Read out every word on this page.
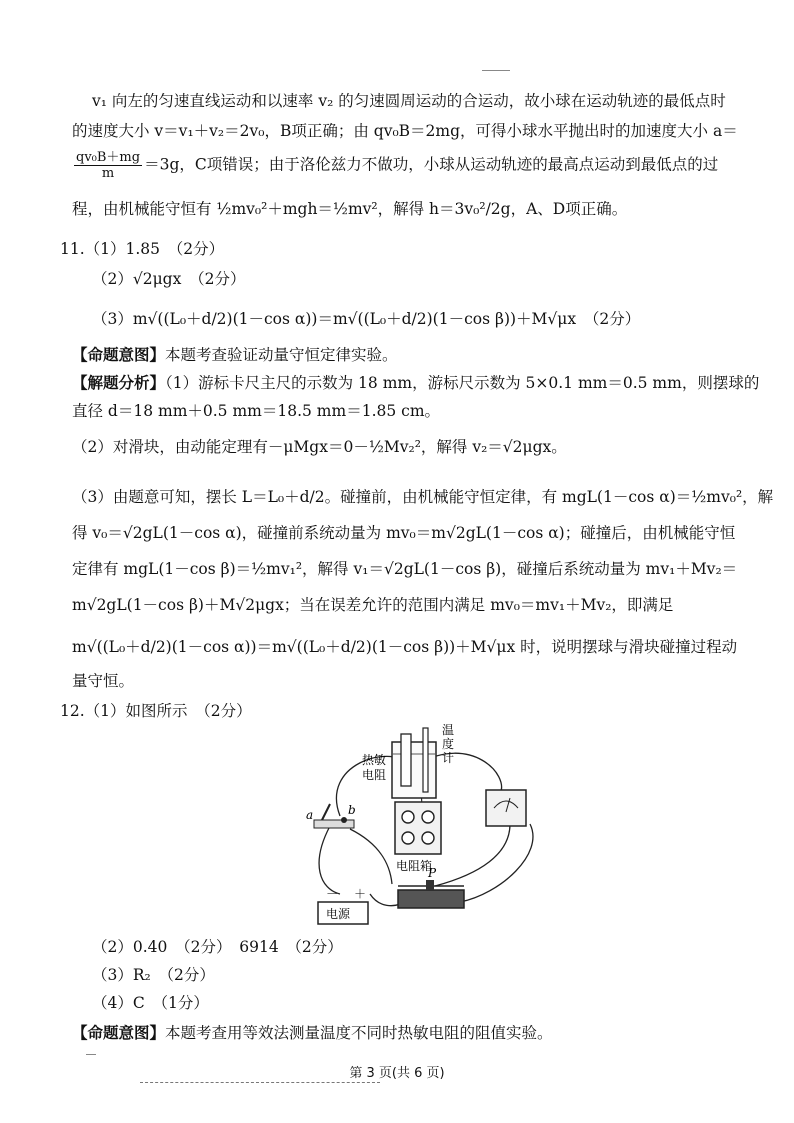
v₁ 向左的匀速直线运动和以速率 v₂ 的匀速圆周运动的合运动，故小球在运动轨迹的最低点时
的速度大小 v＝v₁＋v₂＝2v₀，B项正确；由 qv₀B＝2mg，可得小球水平抛出时的加速度大小 a＝
$\frac{\text{qv₀B＋mg}}{m} =3g$，C项错误；由于洛伦兹力不做功，小球从运动轨迹的最高点运动到最低点的过
程，由机械能守恒有 ½mv₀²＋mgh＝½mv²，解得 h＝3v₀²/2g，A、D项正确。
11.（1）1.85　（2分）
（2）√2μgx　（2分）
（3）m√((L₀＋d/2)(1－cos α))＝m√((L₀＋d/2)(1－cos β))＋M√μx　（2分）
【命题意图】本题考查验证动量守恒定律实验。
【解题分析】（1）游标卡尺主尺的示数为 18 mm，游标尺示数为 5×0.1 mm＝0.5 mm，则摆球的
直径 d＝18 mm＋0.5 mm＝18.5 mm＝1.85 cm。
（2）对滑块，由动能定理有－μMgx＝0－½Mv₂²，解得 v₂＝√2μgx。
（3）由题意可知，摆长 L＝L₀＋d/2。碰撞前，由机械能守恒定律，有 mgL(1－cos α)＝½mv₀²，解
得 v₀＝√2gL(1－cos α)，碰撞前系统动量为 mv₀＝m√2gL(1－cos α)；碰撞后，由机械能守恒
定律有 mgL(1－cos β)＝½mv₁²，解得 v₁＝√2gL(1－cos β)，碰撞后系统动量为 mv₁＋Mv₂＝
m√2gL(1－cos β)＋M√2μgx；当在误差允许的范围内满足 mv₀＝mv₁＋Mv₂，即满足
m√((L₀＋d/2)(1－cos α))＝m√((L₀＋d/2)(1－cos β))＋M√μx 时，说明摆球与滑块碰撞过程动
量守恒。
12.（1）如图所示　（2分）
热敏
电阻
温
度
计
a	b
电阻箱
P
电源
－ ＋
（2）0.40　（2分）　6914　（2分）
（3）R₂　（2分）
（4）C　（1分）
【命题意图】本题考查用等效法测量温度不同时热敏电阻的阻值实验。
第 3 页(共 6 页)
